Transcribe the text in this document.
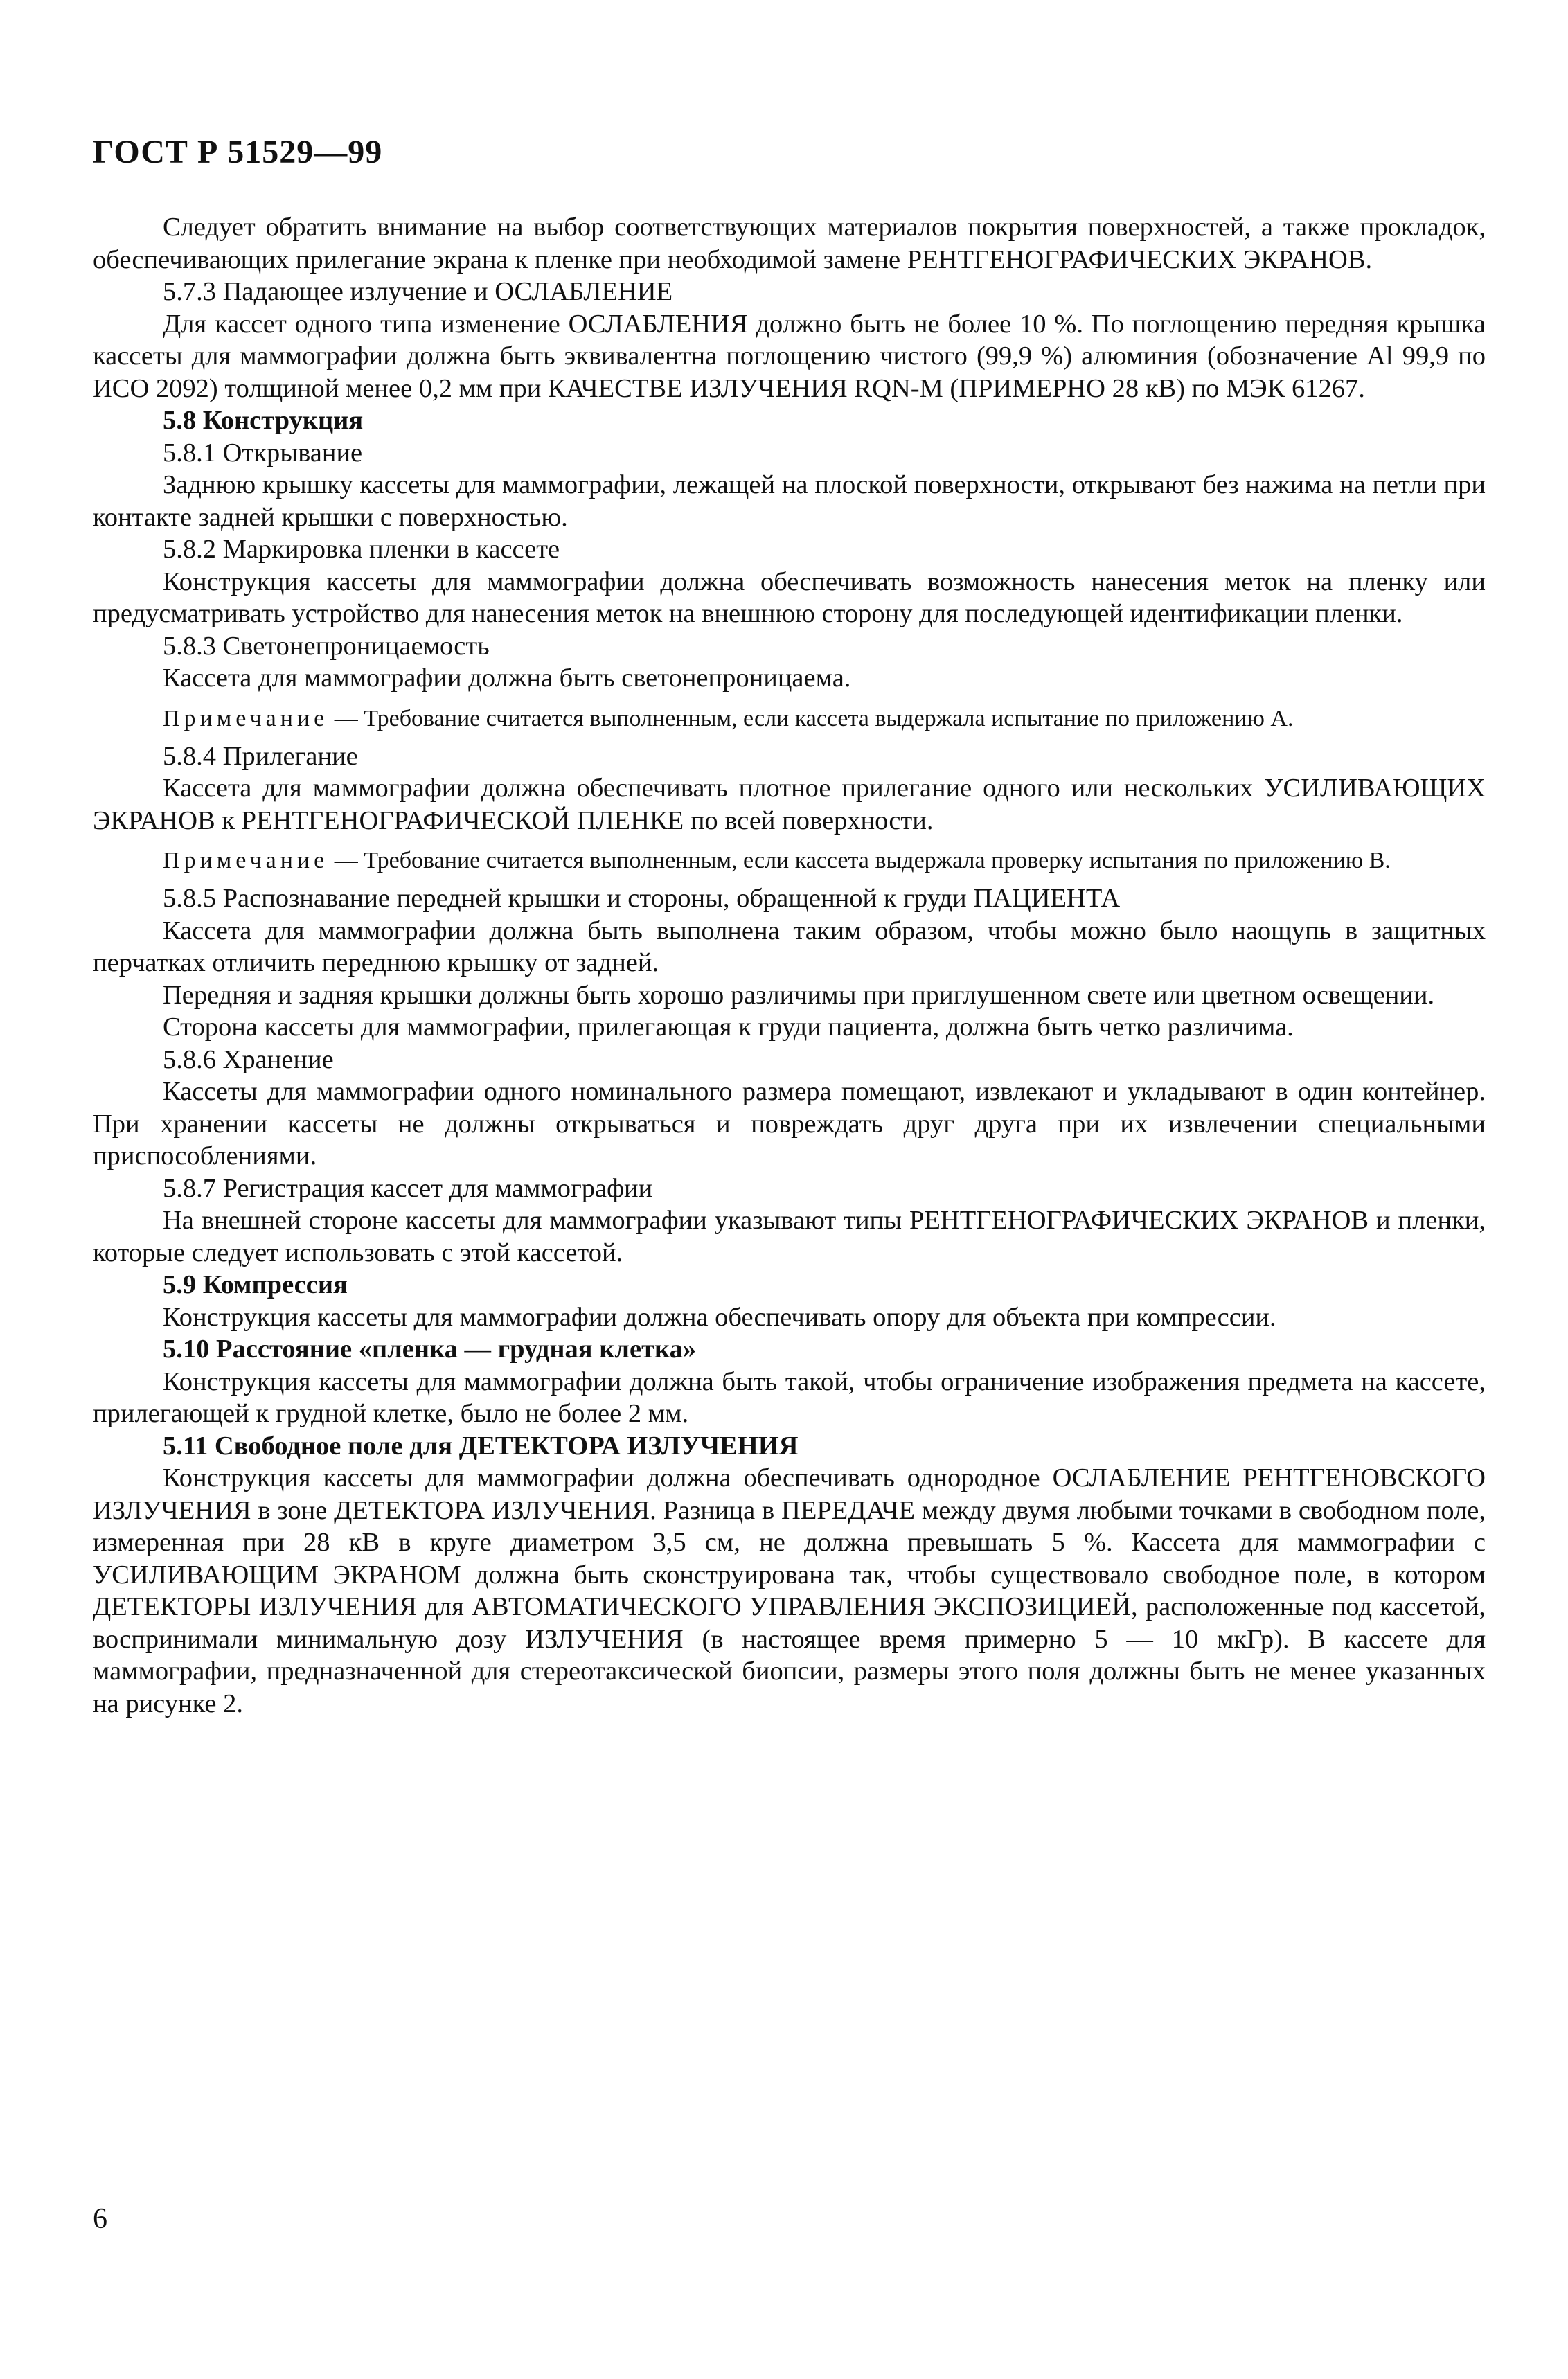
ГОСТ Р 51529—99

Следует обратить внимание на выбор соответствующих материалов покрытия поверхностей, а также прокладок, обеспечивающих прилегание экрана к пленке при необходимой замене РЕНТГЕНОГРАФИЧЕСКИХ ЭКРАНОВ.

5.7.3 Падающее излучение и ОСЛАБЛЕНИЕ

Для кассет одного типа изменение ОСЛАБЛЕНИЯ должно быть не более 10 %. По поглощению передняя крышка кассеты для маммографии должна быть эквивалентна поглощению чистого (99,9 %) алюминия (обозначение Al 99,9 по ИСО 2092) толщиной менее 0,2 мм при КАЧЕСТВЕ ИЗЛУЧЕНИЯ RQN-M (ПРИМЕРНО 28 кВ) по МЭК 61267.

5.8 Конструкция

5.8.1 Открывание

Заднюю крышку кассеты для маммографии, лежащей на плоской поверхности, открывают без нажима на петли при контакте задней крышки с поверхностью.

5.8.2 Маркировка пленки в кассете

Конструкция кассеты для маммографии должна обеспечивать возможность нанесения меток на пленку или предусматривать устройство для нанесения меток на внешнюю сторону для последующей идентификации пленки.

5.8.3 Светонепроницаемость

Кассета для маммографии должна быть светонепроницаема.

Примечание — Требование считается выполненным, если кассета выдержала испытание по приложению А.

5.8.4 Прилегание

Кассета для маммографии должна обеспечивать плотное прилегание одного или нескольких УСИЛИВАЮЩИХ ЭКРАНОВ к РЕНТГЕНОГРАФИЧЕСКОЙ ПЛЕНКЕ по всей поверхности.

Примечание — Требование считается выполненным, если кассета выдержала проверку испытания по приложению В.

5.8.5 Распознавание передней крышки и стороны, обращенной к груди ПАЦИЕНТА

Кассета для маммографии должна быть выполнена таким образом, чтобы можно было наощупь в защитных перчатках отличить переднюю крышку от задней.

Передняя и задняя крышки должны быть хорошо различимы при приглушенном свете или цветном освещении.

Сторона кассеты для маммографии, прилегающая к груди пациента, должна быть четко различима.

5.8.6 Хранение

Кассеты для маммографии одного номинального размера помещают, извлекают и укладывают в один контейнер. При хранении кассеты не должны открываться и повреждать друг друга при их извлечении специальными приспособлениями.

5.8.7 Регистрация кассет для маммографии

На внешней стороне кассеты для маммографии указывают типы РЕНТГЕНОГРАФИЧЕСКИХ ЭКРАНОВ и пленки, которые следует использовать с этой кассетой.

5.9 Компрессия

Конструкция кассеты для маммографии должна обеспечивать опору для объекта при компрессии.

5.10 Расстояние «пленка — грудная клетка»

Конструкция кассеты для маммографии должна быть такой, чтобы ограничение изображения предмета на кассете, прилегающей к грудной клетке, было не более 2 мм.

5.11 Свободное поле для ДЕТЕКТОРА ИЗЛУЧЕНИЯ

Конструкция кассеты для маммографии должна обеспечивать однородное ОСЛАБЛЕНИЕ РЕНТГЕНОВСКОГО ИЗЛУЧЕНИЯ в зоне ДЕТЕКТОРА ИЗЛУЧЕНИЯ. Разница в ПЕРЕДАЧЕ между двумя любыми точками в свободном поле, измеренная при 28 кВ в круге диаметром 3,5 см, не должна превышать 5 %. Кассета для маммографии с УСИЛИВАЮЩИМ ЭКРАНОМ должна быть сконструирована так, чтобы существовало свободное поле, в котором ДЕТЕКТОРЫ ИЗЛУЧЕНИЯ для АВТОМАТИЧЕСКОГО УПРАВЛЕНИЯ ЭКСПОЗИЦИЕЙ, расположенные под кассетой, воспринимали минимальную дозу ИЗЛУЧЕНИЯ (в настоящее время примерно 5 — 10 мкГр). В кассете для маммографии, предназначенной для стереотаксической биопсии, размеры этого поля должны быть не менее указанных на рисунке 2.

6
